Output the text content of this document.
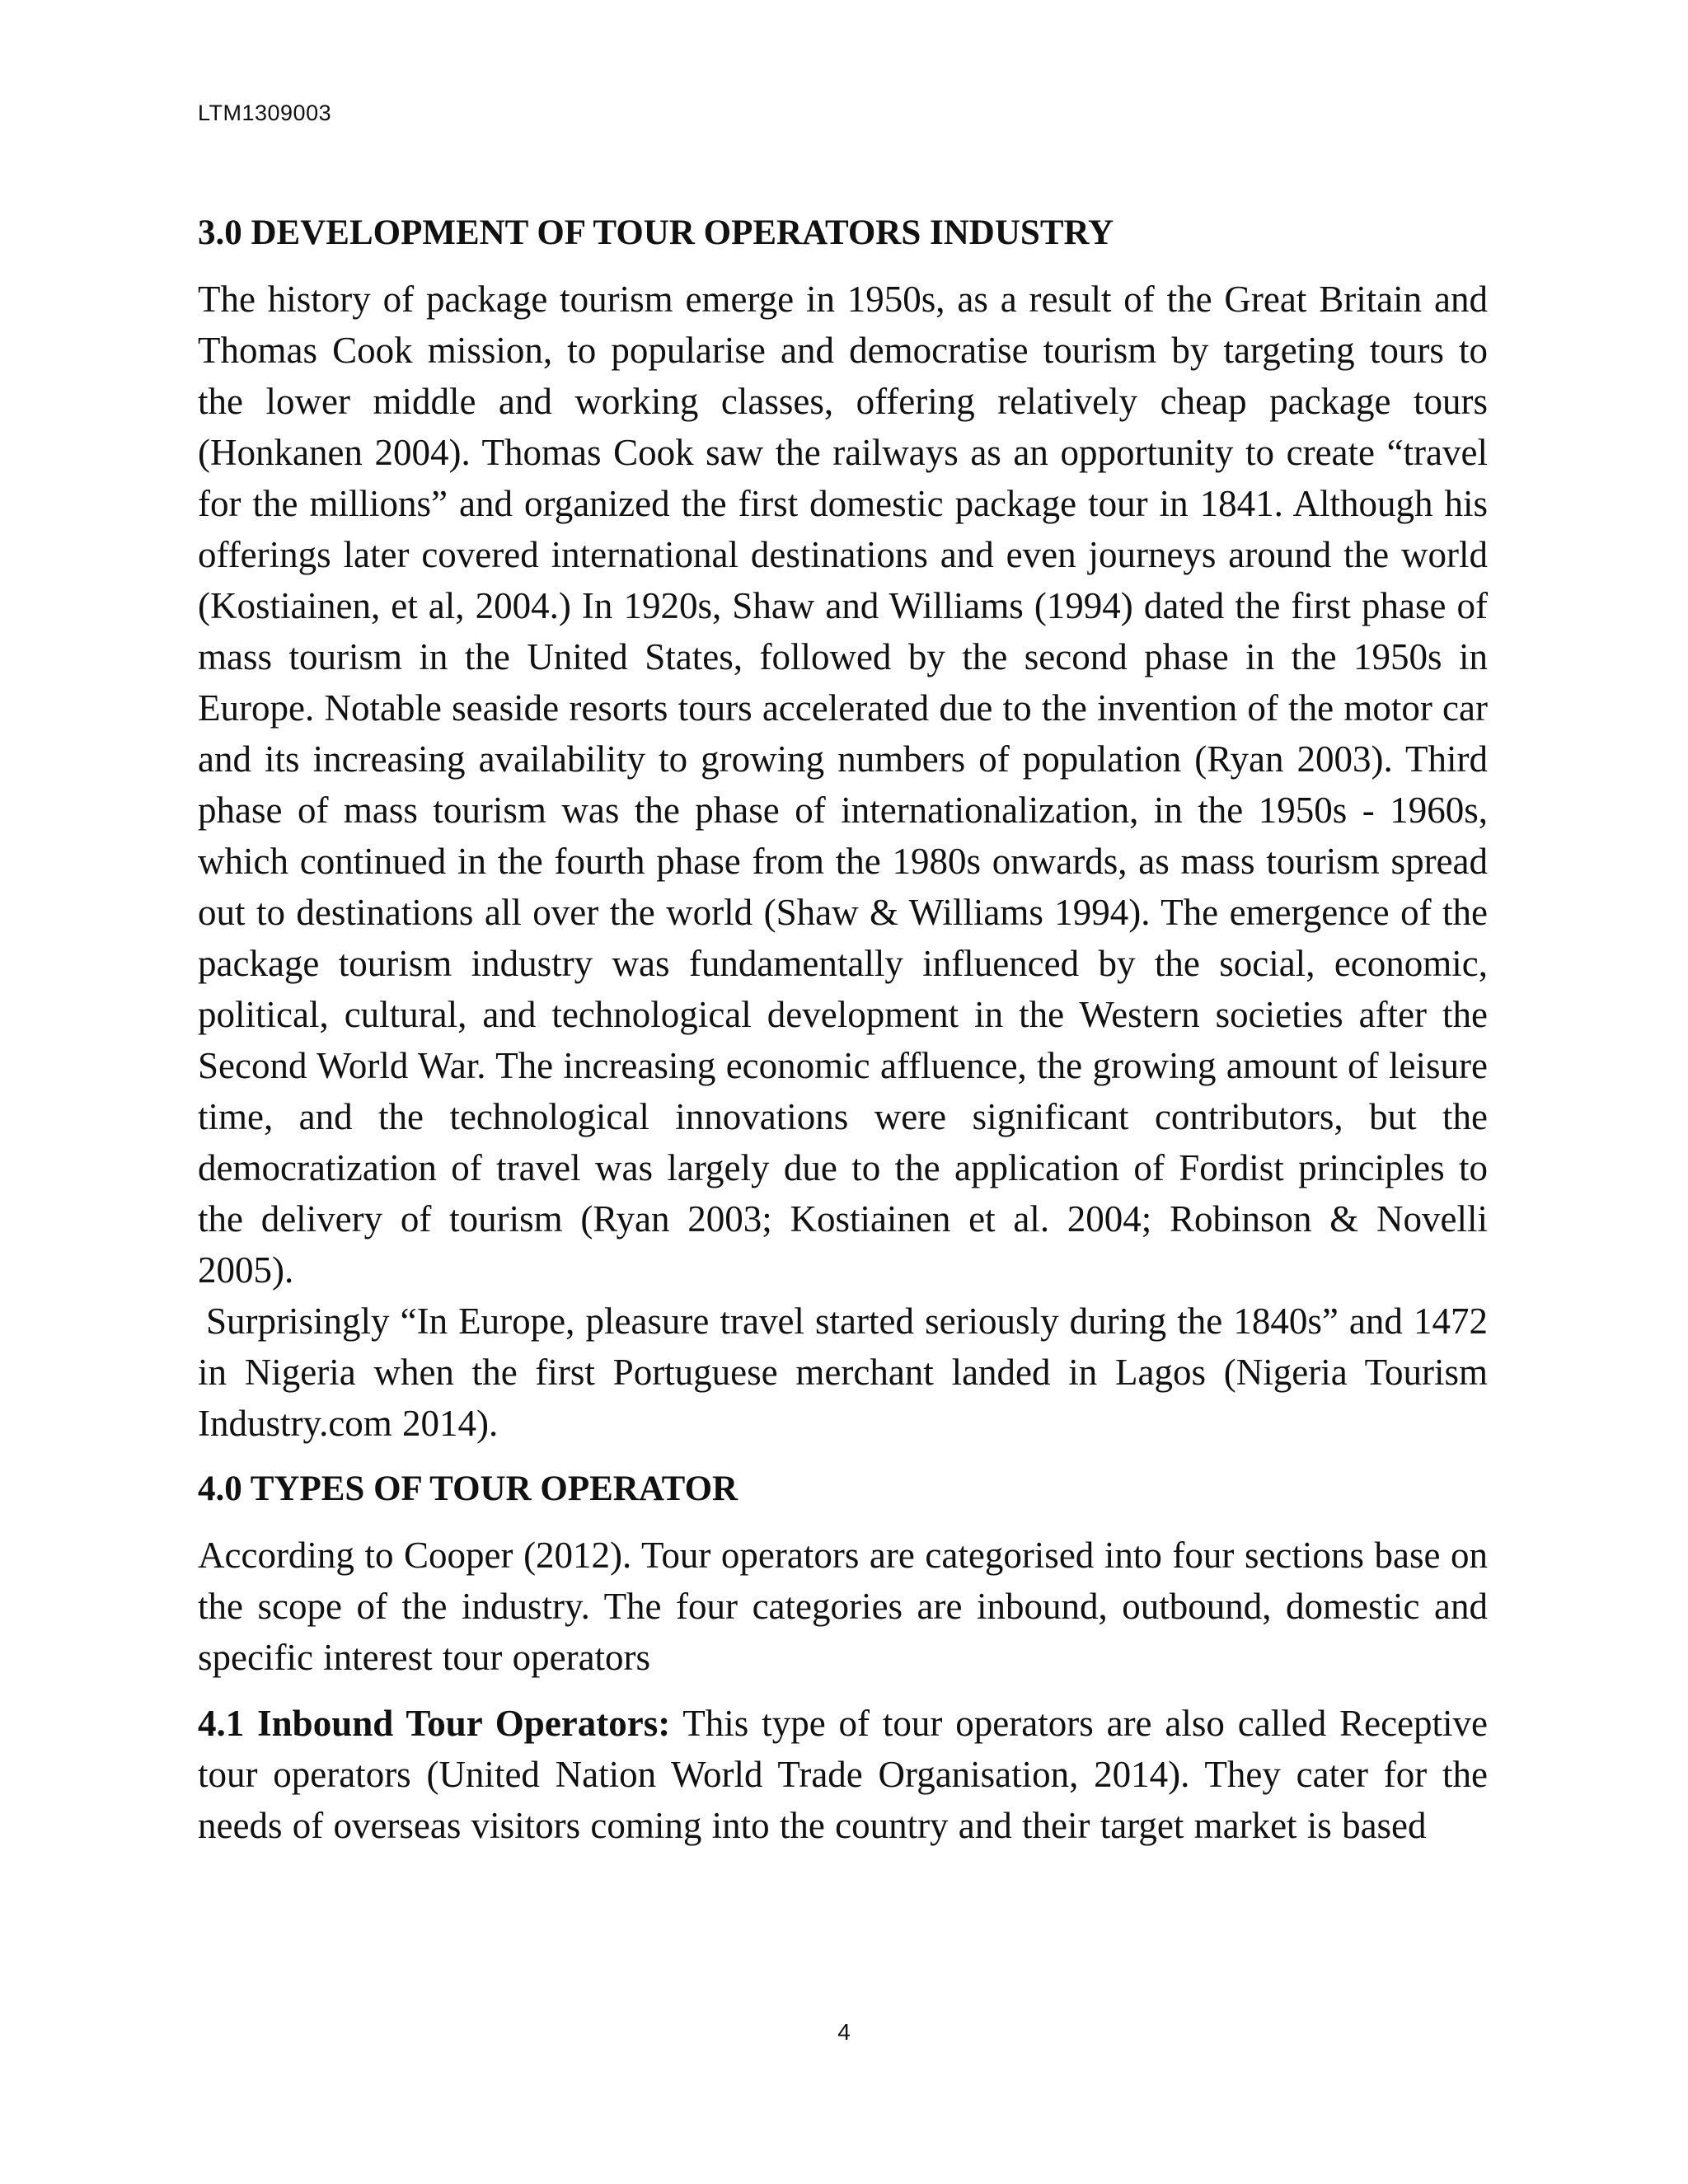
LTM1309003
3.0 DEVELOPMENT OF TOUR OPERATORS INDUSTRY

The history of package tourism emerge in 1950s, as a result of the Great Britain and Thomas Cook mission, to popularise and democratise tourism by targeting tours to the lower middle and working classes, offering relatively cheap package tours (Honkanen 2004). Thomas Cook saw the railways as an opportunity to create “travel for the millions” and organized the first domestic package tour in 1841. Although his offerings later covered international destinations and even journeys around the world (Kostiainen, et al, 2004.) In 1920s, Shaw and Williams (1994) dated the first phase of mass tourism in the United States, followed by the second phase in the 1950s in Europe. Notable seaside resorts tours accelerated due to the invention of the motor car and its increasing availability to growing numbers of population (Ryan 2003). Third phase of mass tourism was the phase of internationalization, in the 1950s - 1960s, which continued in the fourth phase from the 1980s onwards, as mass tourism spread out to destinations all over the world (Shaw & Williams 1994). The emergence of the package tourism industry was fundamentally influenced by the social, economic, political, cultural, and technological development in the Western societies after the Second World War. The increasing economic affluence, the growing amount of leisure time, and the technological innovations were significant contributors, but the democratization of travel was largely due to the application of Fordist principles to the delivery of tourism (Ryan 2003; Kostiainen et al. 2004; Robinson & Novelli 2005).

Surprisingly “In Europe, pleasure travel started seriously during the 1840s” and 1472 in Nigeria when the first Portuguese merchant landed in Lagos (Nigeria Tourism Industry.com 2014).

4.0 TYPES OF TOUR OPERATOR

According to Cooper (2012). Tour operators are categorised into four sections base on the scope of the industry. The four categories are inbound, outbound, domestic and specific interest tour operators

4.1 Inbound Tour Operators: This type of tour operators are also called Receptive tour operators (United Nation World Trade Organisation, 2014). They cater for the needs of overseas visitors coming into the country and their target market is based

4
